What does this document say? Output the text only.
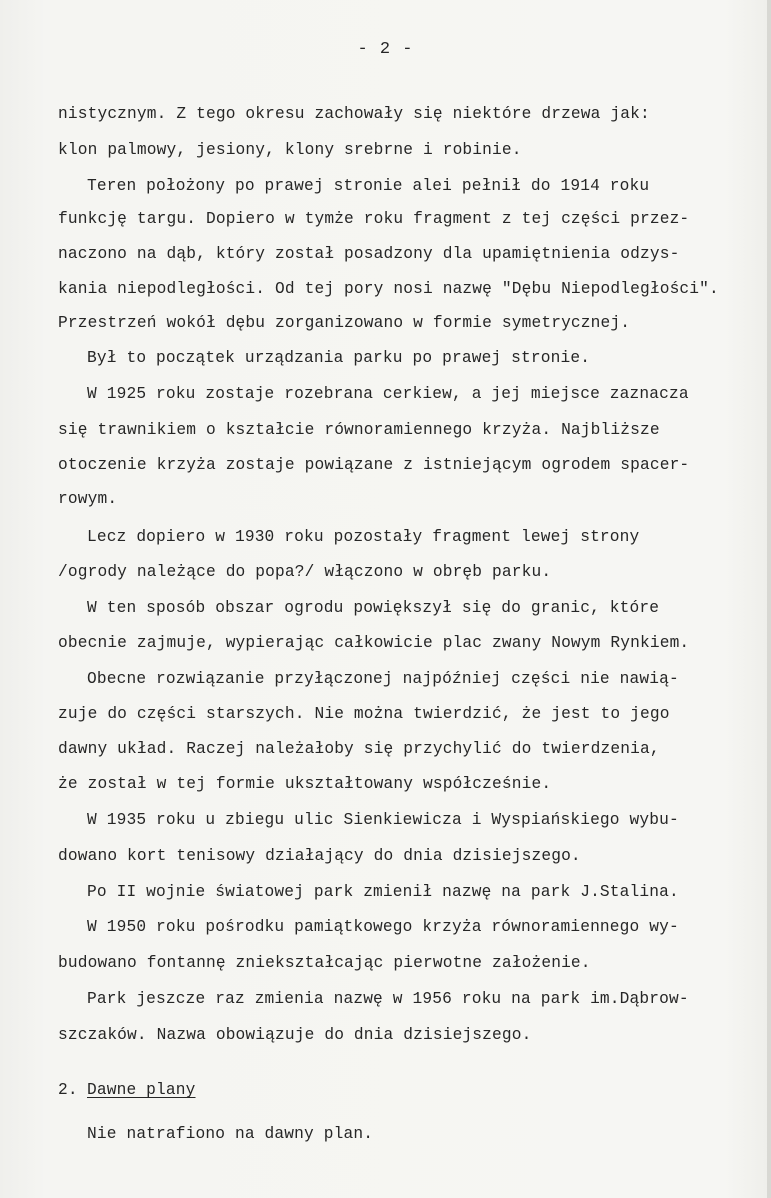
- 2 -
nistycznym. Z tego okresu zachowały się niektóre drzewa jak:
klon palmowy, jesiony, klony srebrne i robinie.
Teren położony po prawej stronie alei pełnił do 1914 roku
funkcję targu. Dopiero w tymże roku fragment z tej części przez-
naczono na dąb, który został posadzony dla upamiętnienia odzys-
kania niepodległości. Od tej pory nosi nazwę "Dębu Niepodległości".
Przestrzeń wokół dębu zorganizowano w formie symetrycznej.
Był to początek urządzania parku po prawej stronie.
W 1925 roku zostaje rozebrana cerkiew, a jej miejsce zaznacza
się trawnikiem o kształcie równoramiennego krzyża. Najbliższe
otoczenie krzyża zostaje powiązane z istniejącym ogrodem spacer-
rowym.
Lecz dopiero w 1930 roku pozostały fragment lewej strony
/ogrody należące do popa?/ włączono w obręb parku.
W ten sposób obszar ogrodu powiększył się do granic, które
obecnie zajmuje, wypierając całkowicie plac zwany Nowym Rynkiem.
Obecne rozwiązanie przyłączonej najpóźniej części nie nawią-
zuje do części starszych. Nie można twierdzić, że jest to jego
dawny układ. Raczej należałoby się przychylić do twierdzenia,
że został w tej formie ukształtowany współcześnie.
W 1935 roku u zbiegu ulic Sienkiewicza i Wyspiańskiego wybu-
dowano kort tenisowy działający do dnia dzisiejszego.
Po II wojnie światowej park zmienił nazwę na park J.Stalina.
W 1950 roku pośrodku pamiątkowego krzyża równoramiennego wy-
budowano fontannę zniekształcając pierwotne założenie.
Park jeszcze raz zmienia nazwę w 1956 roku na park im.Dąbrow-
szczaków. Nazwa obowiązuje do dnia dzisiejszego.
2. Dawne plany
Nie natrafiono na dawny plan.
